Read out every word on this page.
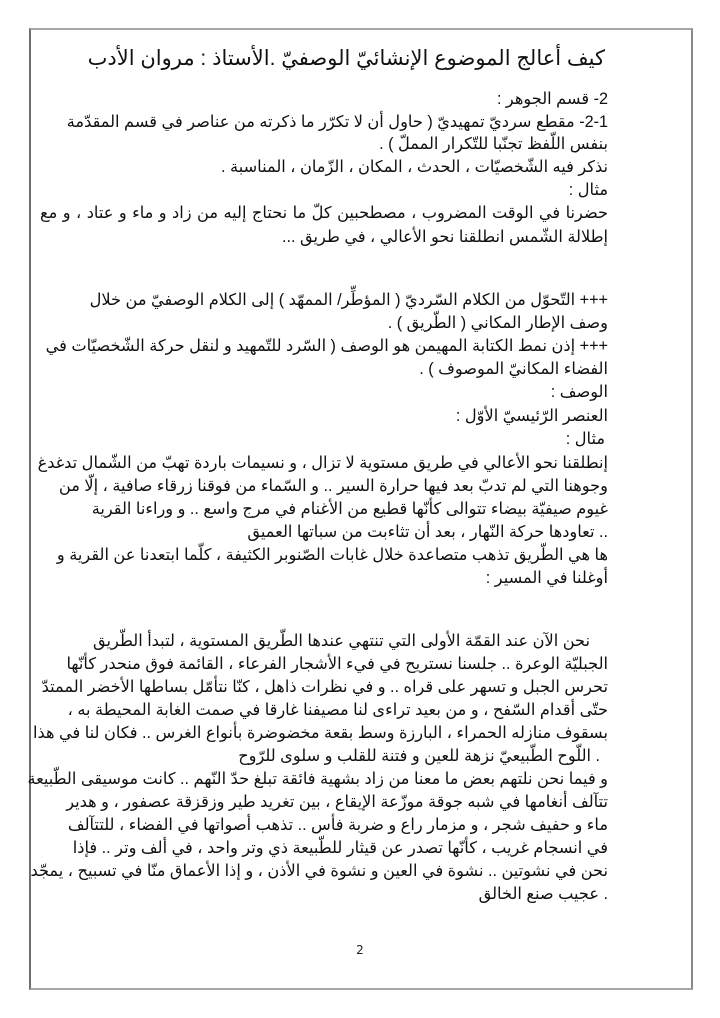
كيف أعالج الموضوع الإنشائيّ الوصفيّ .
الأستاذ : مروان الأدب
2- قسم الجوهر :
2-1- مقطع سرديّ تمهيديّ ( حاول أن لا تكرّر ما ذكرته من عناصر في قسم المقدّمة
بنفس اللّفظ تجنّبا للتّكرار المملّ ) .
نذكر فيه الشّخصيّات ، الحدث ، المكان ، الزّمان ، المناسبة .
مثال :
حضرنا في الوقت المضروب ، مصطحبين كلّ ما نحتاج إليه من زاد و ماء و عتاد ، و مع
إطلالة الشّمس انطلقنا نحو الأعالي ، في طريق ...
+++ التّحوّل من الكلام السّرديّ ( المؤطِّر/ الممهّد ) إلى الكلام الوصفيّ من خلال
وصف الإطار المكاني ( الطّريق ) .
+++ إذن نمط الكتابة المهيمن هو الوصف ( السّرد للتّمهيد و لنقل حركة الشّخصيّات في
الفضاء المكانيّ الموصوف ) .
الوصف :
العنصر الرّئيسيّ الأوّل :
مثال :
إنطلقنا نحو الأعالي في طريق مستوية لا تزال ، و نسيمات باردة تهبّ من الشّمال تدغدغ
وجوهنا التي لم تدبّ بعد فيها حرارة السير .. و السّماء من فوقنا زرقاء صافية ، إلّا من
غيوم صيفيّة بيضاء تتوالى كأنّها قطيع من الأغنام في مرج واسع .. و وراءنا القرية
.. تعاودها حركة النّهار ، بعد أن تثاءبت من سباتها العميق
ها هي الطّريق تذهب متصاعدة خلال غابات الصّنوبر الكثيفة ، كلّما ابتعدنا عن القرية و
أوغلنا في المسير :
نحن الآن عند القمّة الأولى التي تنتهي عندها الطّريق المستوية ، لتبدأ الطّريق
الجبليّة الوعرة .. جلسنا نستريح في فيء الأشجار الفرعاء ، القائمة فوق منحدر كأنّها
تحرس الجبل و تسهر على قراه .. و في نظرات ذاهل ، كنّا نتأمّل بساطها الأخضر الممتدّ
حتّى أقدام السّفح ، و من بعيد تراءى لنا مصيفنا غارقا في صمت الغابة المحيطة به ،
بسقوف منازله الحمراء ، البارزة وسط بقعة مخضوضرة بأنواع الغرس .. فكان لنا في هذا
. اللّوح الطّبيعيّ نزهة للعين و فتنة للقلب و سلوى للرّوح
و فيما نحن نلتهم بعض ما معنا من زاد بشهية فائقة تبلغ حدّ النّهم .. كانت موسيقى الطّبيعة
تتآلف أنغامها في شبه جوقة موزّعة الإيقاع ، بين تغريد طير وزقزقة عصفور ، و هدير
ماء و حفيف شجر ، و مزمار راع و ضربة فأس .. تذهب أصواتها في الفضاء ، للتتآلف
في انسجام غريب ، كأنّها تصدر عن قيثار للطّبيعة ذي وتر واحد ، في ألف وتر .. فإذا
نحن في نشوتين .. نشوة في العين و نشوة في الأذن ، و إذا الأعماق منّا في تسبيح ، يمجّد
. عجيب صنع الخالق
2
